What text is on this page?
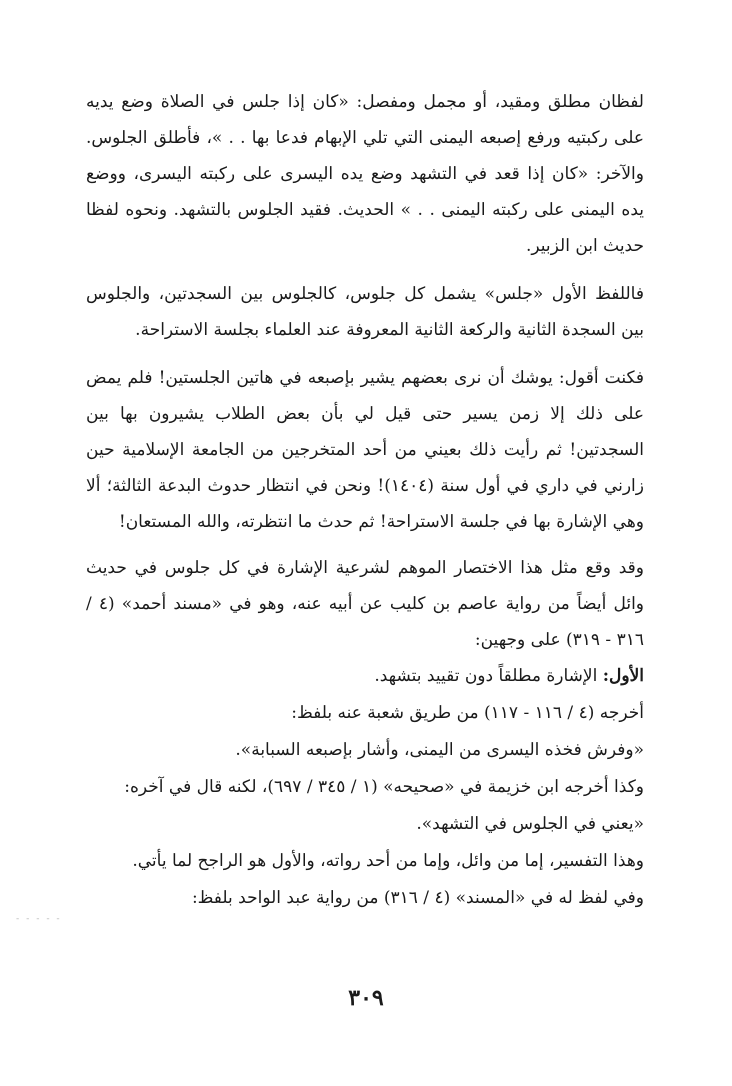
لفظان مطلق ومقيد، أو مجمل ومفصل: «كان إذا جلس في الصلاة وضع يديه على ركبتيه ورفع إصبعه اليمنى التي تلي الإبهام فدعا بها . . »، فأطلق الجلوس. والآخر: «كان إذا قعد في التشهد وضع يده اليسرى على ركبته اليسرى، ووضع يده اليمنى على ركبته اليمنى . . » الحديث. فقيد الجلوس بالتشهد. ونحوه لفظا حديث ابن الزبير.

فاللفظ الأول «جلس» يشمل كل جلوس، كالجلوس بين السجدتين، والجلوس بين السجدة الثانية والركعة الثانية المعروفة عند العلماء بجلسة الاستراحة.

فكنت أقول: يوشك أن نرى بعضهم يشير بإصبعه في هاتين الجلستين! فلم يمض على ذلك إلا زمن يسير حتى قيل لي بأن بعض الطلاب يشيرون بها بين السجدتين! ثم رأيت ذلك بعيني من أحد المتخرجين من الجامعة الإسلامية حين زارني في داري في أول سنة (١٤٠٤)! ونحن في انتظار حدوث البدعة الثالثة؛ ألا وهي الإشارة بها في جلسة الاستراحة! ثم حدث ما انتظرته، والله المستعان!

وقد وقع مثل هذا الاختصار الموهم لشرعية الإشارة في كل جلوس في حديث وائل أيضاً من رواية عاصم بن كليب عن أبيه عنه، وهو في «مسند أحمد» (٤ / ٣١٦ - ٣١٩) على وجهين:

الأول: الإشارة مطلقاً دون تقييد بتشهد.

أخرجه (٤ / ١١٦ - ١١٧) من طريق شعبة عنه بلفظ:

«وفرش فخذه اليسرى من اليمنى، وأشار بإصبعه السبابة».

وكذا أخرجه ابن خزيمة في «صحيحه» (١ / ٣٤٥ / ٦٩٧)، لكنه قال في آخره:

«يعني في الجلوس في التشهد».

وهذا التفسير، إما من وائل، وإما من أحد رواته، والأول هو الراجح لما يأتي.

وفي لفظ له في «المسند» (٤ / ٣١٦) من رواية عبد الواحد بلفظ:

- - - - -
٣٠٩
